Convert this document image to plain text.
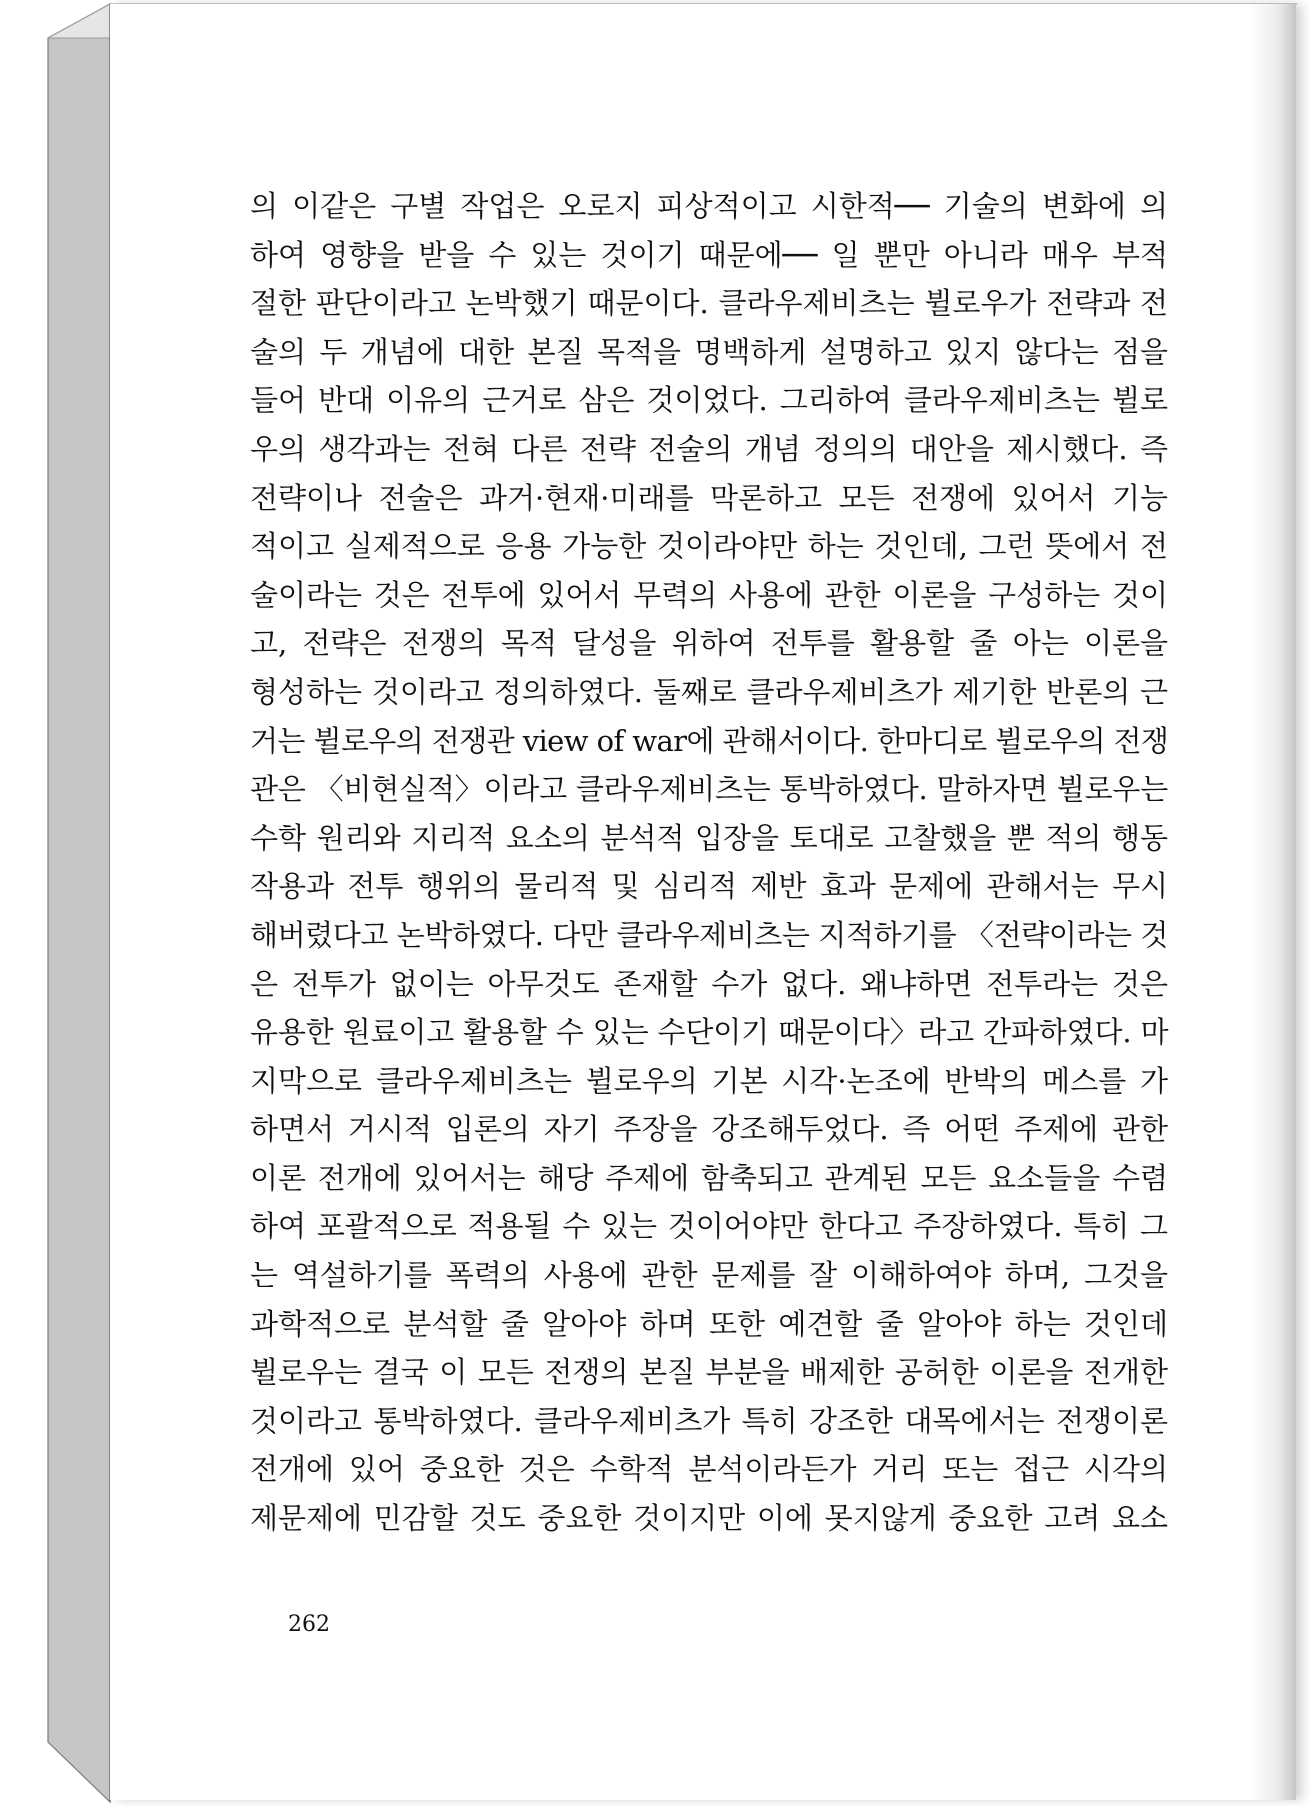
의 이같은 구별 작업은 오로지 피상적이고 시한적── 기술의 변화에 의
하여 영향을 받을 수 있는 것이기 때문에── 일 뿐만 아니라 매우 부적
절한 판단이라고 논박했기 때문이다. 클라우제비츠는 뷜로우가 전략과 전
술의 두 개념에 대한 본질 목적을 명백하게 설명하고 있지 않다는 점을
들어 반대 이유의 근거로 삼은 것이었다. 그리하여 클라우제비츠는 뷜로
우의 생각과는 전혀 다른 전략 전술의 개념 정의의 대안을 제시했다. 즉
전략이나 전술은 과거·현재·미래를 막론하고 모든 전쟁에 있어서 기능
적이고 실제적으로 응용 가능한 것이라야만 하는 것인데, 그런 뜻에서 전
술이라는 것은 전투에 있어서 무력의 사용에 관한 이론을 구성하는 것이
고, 전략은 전쟁의 목적 달성을 위하여 전투를 활용할 줄 아는 이론을
형성하는 것이라고 정의하였다. 둘째로 클라우제비츠가 제기한 반론의 근
거는 뷜로우의 전쟁관 view of war에 관해서이다. 한마디로 뷜로우의 전쟁
관은 〈비현실적〉이라고 클라우제비츠는 통박하였다. 말하자면 뷜로우는
수학 원리와 지리적 요소의 분석적 입장을 토대로 고찰했을 뿐 적의 행동
작용과 전투 행위의 물리적 및 심리적 제반 효과 문제에 관해서는 무시
해버렸다고 논박하였다. 다만 클라우제비츠는 지적하기를 〈전략이라는 것
은 전투가 없이는 아무것도 존재할 수가 없다. 왜냐하면 전투라는 것은
유용한 원료이고 활용할 수 있는 수단이기 때문이다〉라고 간파하였다. 마
지막으로 클라우제비츠는 뷜로우의 기본 시각·논조에 반박의 메스를 가
하면서 거시적 입론의 자기 주장을 강조해두었다. 즉 어떤 주제에 관한
이론 전개에 있어서는 해당 주제에 함축되고 관계된 모든 요소들을 수렴
하여 포괄적으로 적용될 수 있는 것이어야만 한다고 주장하였다. 특히 그
는 역설하기를 폭력의 사용에 관한 문제를 잘 이해하여야 하며, 그것을
과학적으로 분석할 줄 알아야 하며 또한 예견할 줄 알아야 하는 것인데
뷜로우는 결국 이 모든 전쟁의 본질 부분을 배제한 공허한 이론을 전개한
것이라고 통박하였다. 클라우제비츠가 특히 강조한 대목에서는 전쟁이론
전개에 있어 중요한 것은 수학적 분석이라든가 거리 또는 접근 시각의
제문제에 민감할 것도 중요한 것이지만 이에 못지않게 중요한 고려 요소
262
